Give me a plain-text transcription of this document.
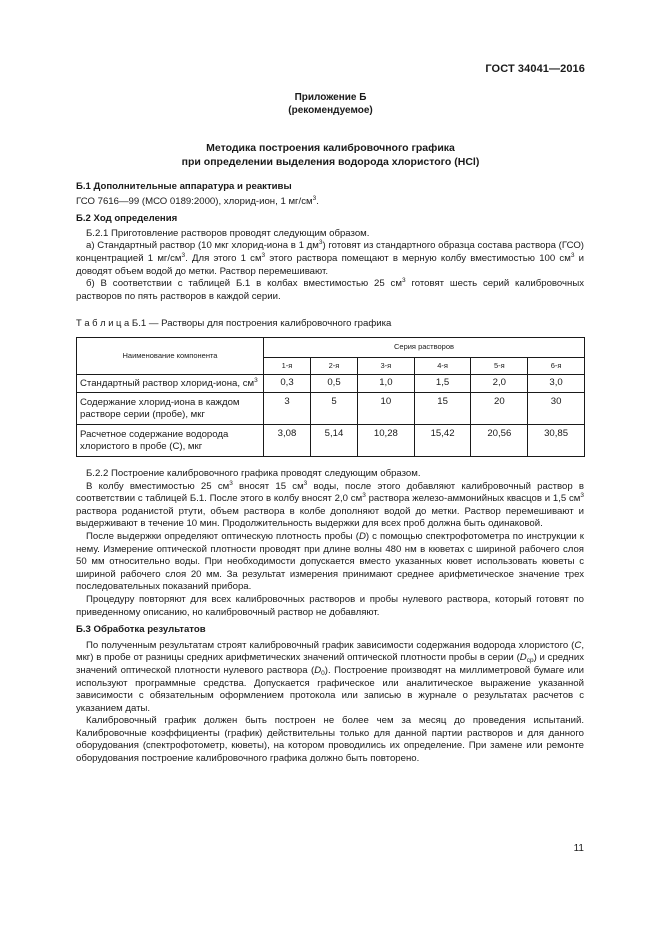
ГОСТ 34041—2016
Приложение Б
(рекомендуемое)
Методика построения калибровочного графика
при определении выделения водорода хлористого (HCl)

Б.1 Дополнительные аппаратура и реактивы

ГСО 7616—99 (МСО 0189:2000), хлорид-ион, 1 $мг/см^3$.

Б.2 Ход определения

Б.2.1 Приготовление растворов проводят следующим образом.

а) Стандартный раствор (10 мкг хлорид-иона в 1 $дм^3$) готовят из стандартного образца состава раствора (ГСО) концентрацией 1 $мг/см^3$. Для этого 1 $см^3$ этого раствора помещают в мерную колбу вместимостью 100 $см^3$ и доводят объем водой до метки. Раствор перемешивают.

б) В соответствии с таблицей Б.1 в колбах вместимостью 25 $см^3$ готовят шесть серий калибровочных растворов по пять растворов в каждой серии.

Т а б л и ц а Б.1 — Растворы для построения калибровочного графика
Наименование компонента	Серия растворов					
	1-я	2-я	3-я	4-я	5-я	6-я
Стандартный раствор хлорид-иона, $см^3$	0,3	0,5	1,0	1,5	2,0	3,0
Содержание хлорид-иона в каждом растворе серии (пробе), мкг	3	5	10	15	20	30
Расчетное содержание водорода хлористого в пробе (С), мкг	3,08	5,14	10,28	15,42	20,56	30,85

Б.2.2 Построение калибровочного графика проводят следующим образом.

В колбу вместимостью 25 $см^3$ вносят 15 $см^3$ воды, после этого добавляют калибровочный раствор в соответствии с таблицей Б.1. После этого в колбу вносят 2,0 $см^3$ раствора железо-аммонийных квасцов и 1,5 $см^3$ раствора роданистой ртути, объем раствора в колбе дополняют водой до метки. Раствор перемешивают и выдерживают в течение 10 мин. Продолжительность выдержки для всех проб должна быть одинаковой.

После выдержки определяют оптическую плотность пробы (D) с помощью спектрофотометра по инструкции к нему. Измерение оптической плотности проводят при длине волны 480 нм в кюветах с шириной рабочего слоя 50 мм относительно воды. При необходимости допускается вместо указанных кювет использовать кюветы с шириной рабочего слоя 20 мм. За результат измерения принимают среднее арифметическое значение трех последовательных показаний прибора.

Процедуру повторяют для всех калибровочных растворов и пробы нулевого раствора, который готовят по приведенному описанию, но калибровочный раствор не добавляют.

Б.3 Обработка результатов

По полученным результатам строят калибровочный график зависимости содержания водорода хлористого (C, мкг) в пробе от разницы средних арифметических значений оптической плотности пробы в серии $(D_{ср})$ и средних значений оптической плотности нулевого раствора $(D_0)$. Построение производят на миллиметровой бумаге или используют программные средства. Допускается графическое или аналитическое выражение указанной зависимости с обязательным оформлением протокола или записью в журнале о результатах расчетов с указанием даты.

Калибровочный график должен быть построен не более чем за месяц до проведения испытаний. Калибровочные коэффициенты (график) действительны только для данной партии растворов и для данного оборудования (спектрофотометр, кюветы), на котором проводились их определение. При замене или ремонте оборудования построение калибровочного графика должно быть повторено.

11
